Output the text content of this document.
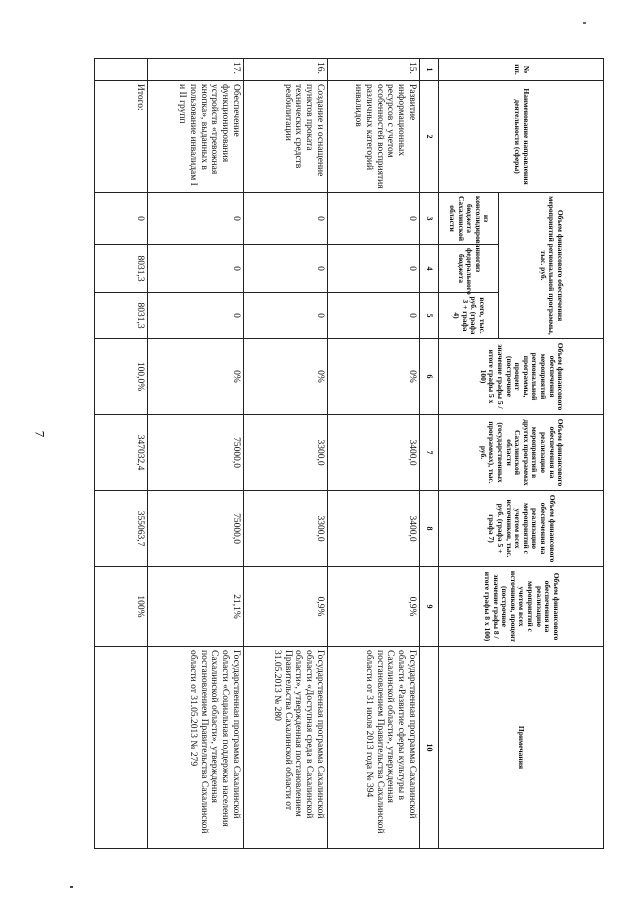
7
№ пп.	Наименование направления деятельности (сферы)	Объем финансового обеспечения мероприятий региональной программы, тыс. руб.			Объем финансового обеспечения мероприятий региональной программы, процент (построчное значение графы 5 / итоге графы 5 х 100)	Объем финансового обеспечения на реализацию мероприятий в других программах Сахалинской области (государственных программах), тыс. руб.	Объем финансового обеспечения на реализацию мероприятий с учетом всех источников, тыс. руб. (графа 5 + графа 7)	Объем финансового обеспечения на реализацию мероприятий с учетом всех источников, процент (построчное значение графы 8 / итоге графы 8 х 100)	Примечания
		из консолидированного бюджета Сахалинской области	из федерального бюджета	всего, тыс. руб. (графа 3 + графа 4)					
1	2	3	4	5	6	7	8	9	10
15.	Развитие информационных ресурсов с учетом особенностей восприятия различных категорий инвалидов	0	0	0	0%	3400,0	3400,0	0,9%	Государственная программа Сахалинской области «Развитие сферы культуры в Сахалинской области», утвержденная постановлением Правительства Сахалинской области от 31 июля 2013 года № 394
16.	Создание и оснащение пунктов проката технических средств реабилитации	0	0	0	0%	3300,0	3300,0	0,9%	Государственная программа Сахалинской области «Доступная среда в Сахалинской области», утвержденная постановлением Правительства Сахалинской области от 31.05.2013 № 280
17.	Обеспечение функционирования устройств «тревожная кнопка», выданных в пользование инвалидам I и II групп	0	0	0	0%	75000,0	75000,0	21,1%	Государственная программа Сахалинской области «Социальная поддержка населения Сахалинской области», утвержденная постановлением Правительства Сахалинской области от 31.05.2013 № 279
	Итого:	0	8031,3	8031,3	100,0%	347032,4	355063,7	100%	
